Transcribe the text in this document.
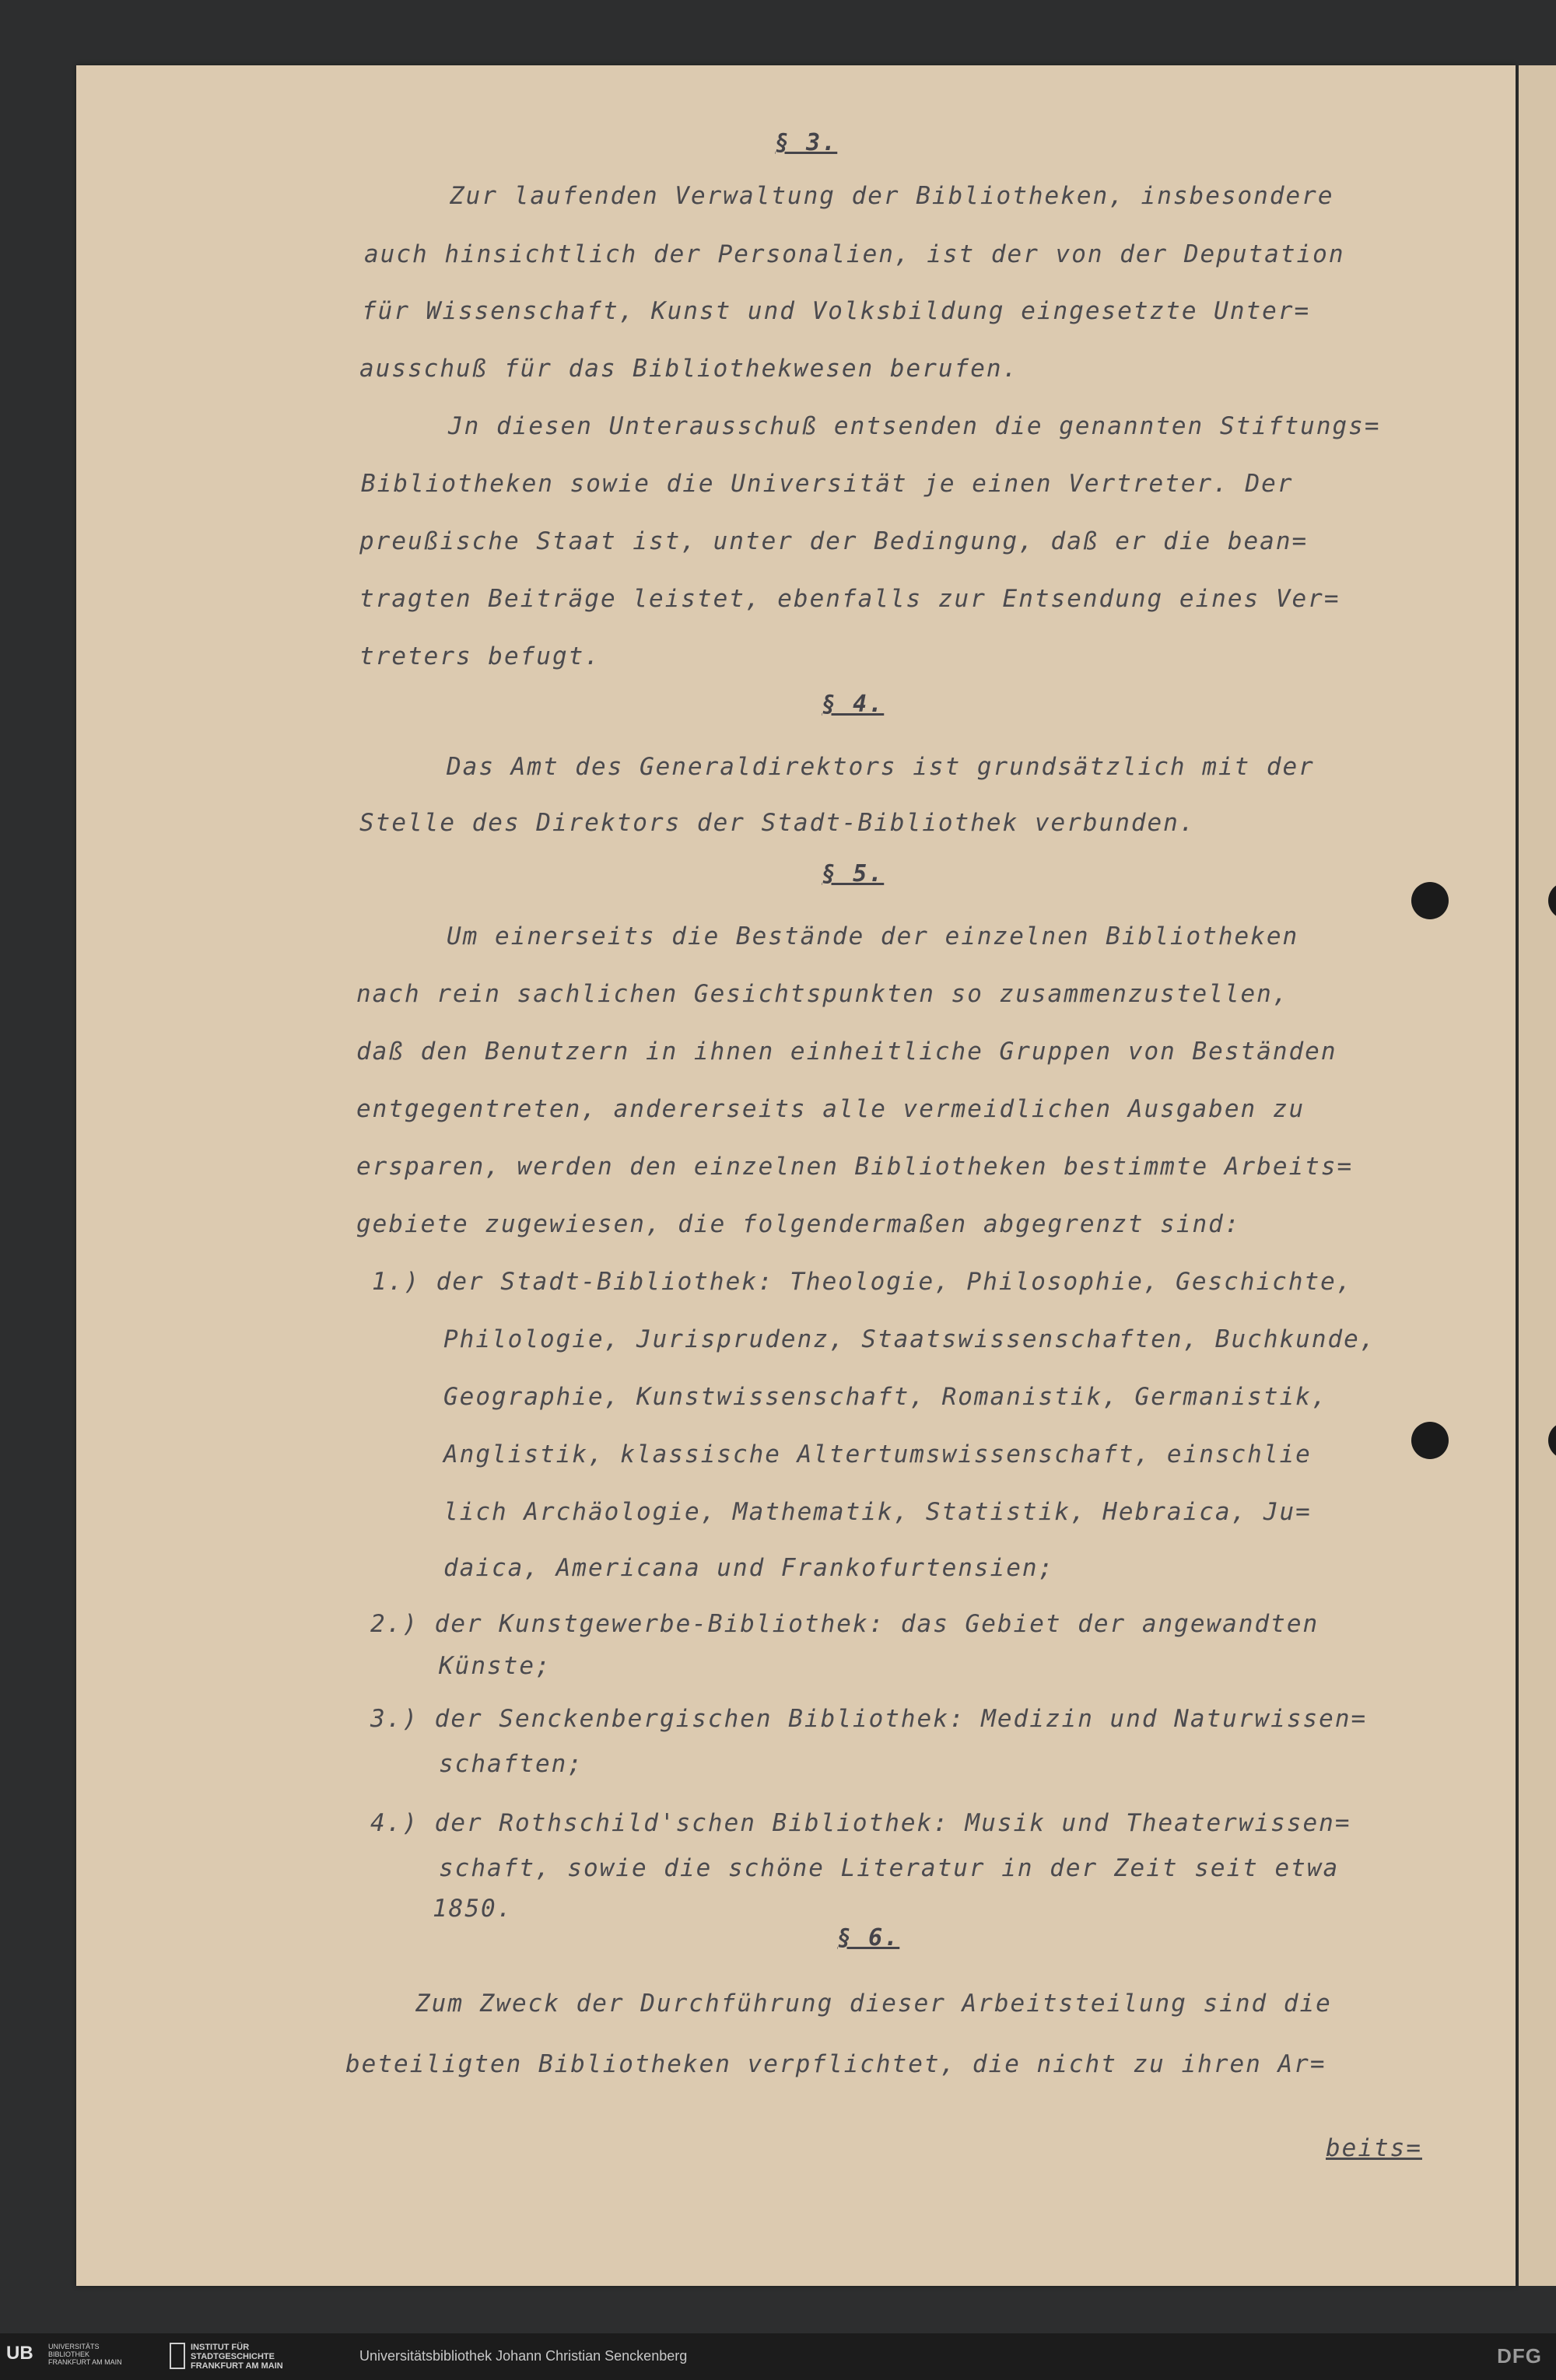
§ 3.
Zur laufenden Verwaltung der Bibliotheken, insbesondere
auch hinsichtlich der Personalien, ist der von der Deputation
für Wissenschaft, Kunst und Volksbildung eingesetzte Unter=
ausschuß für das Bibliothekwesen berufen.
Jn diesen Unterausschuß entsenden die genannten Stiftungs=
Bibliotheken sowie die Universität je einen Vertreter. Der
preußische Staat ist, unter der Bedingung, daß er die bean=
tragten Beiträge leistet, ebenfalls zur Entsendung eines Ver=
treters befugt.
§ 4.
Das Amt des Generaldirektors ist grundsätzlich mit der
Stelle des Direktors der Stadt-Bibliothek verbunden.
§ 5.
Um einerseits die Bestände der einzelnen Bibliotheken
nach rein sachlichen Gesichtspunkten so zusammenzustellen,
daß den Benutzern in ihnen einheitliche Gruppen von Beständen
entgegentreten, andererseits alle vermeidlichen Ausgaben zu
ersparen, werden den einzelnen Bibliotheken bestimmte Arbeits=
gebiete zugewiesen, die folgendermaßen abgegrenzt sind:
1.) der Stadt-Bibliothek: Theologie, Philosophie, Geschichte,
Philologie, Jurisprudenz, Staatswissenschaften, Buchkunde,
Geographie, Kunstwissenschaft, Romanistik, Germanistik,
Anglistik, klassische Altertumswissenschaft, einschlie
lich Archäologie, Mathematik, Statistik, Hebraica, Ju=
daica, Americana und Frankofurtensien;
2.) der Kunstgewerbe-Bibliothek: das Gebiet der angewandten
Künste;
3.) der Senckenbergischen Bibliothek: Medizin und Naturwissen=
schaften;
4.) der Rothschild'schen Bibliothek: Musik und Theaterwissen=
schaft, sowie die schöne Literatur in der Zeit seit etwa
1850.
§ 6.
Zum Zweck der Durchführung dieser Arbeitsteilung sind die
beteiligten Bibliotheken verpflichtet, die nicht zu ihren Ar=
beits=
UB UNIVERSITÄTS
BIBLIOTHEK
FRANKFURT AM MAIN
INSTITUT FÜR
STADTGESCHICHTE
FRANKFURT AM MAIN
Universitätsbibliothek Johann Christian Senckenberg	DFG
